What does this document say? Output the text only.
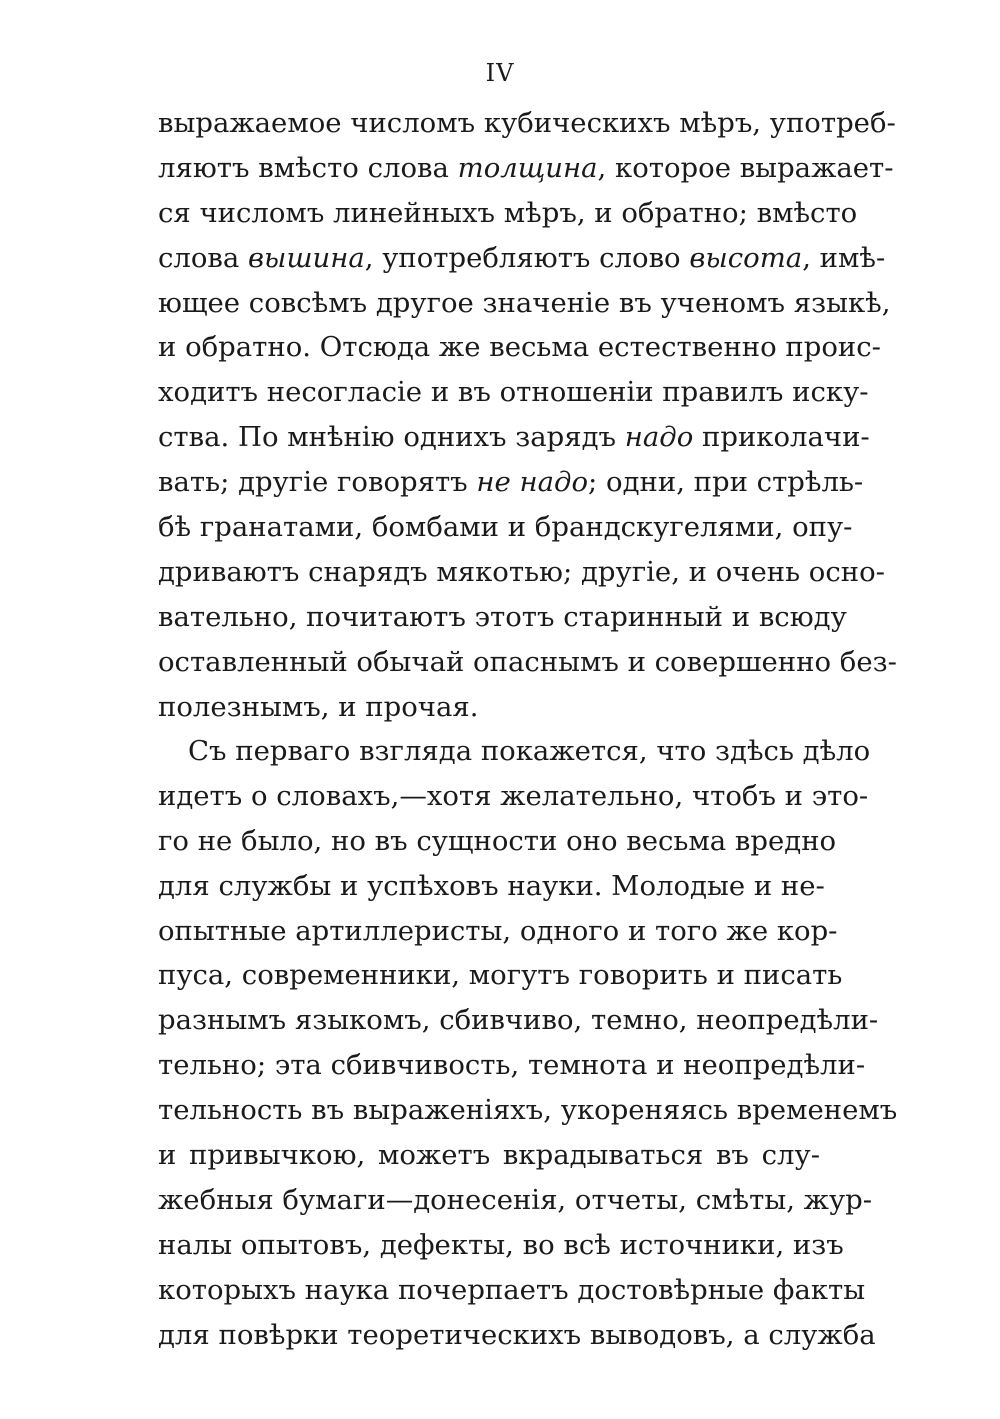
IV
выражаемое числомъ кубическихъ мѣръ, употреб-
ляютъ вмѣсто слова толщина, которое выражает-
ся числомъ линейныхъ мѣръ, и обратно; вмѣсто
слова вышина, употребляютъ слово высота, имѣ-
ющее совсѣмъ другое значеніе въ ученомъ языкѣ,
и обратно. Отсюда же весьма естественно проис-
ходитъ несогласіе и въ отношеніи правилъ иску-
ства. По мнѣнію однихъ зарядъ надо приколачи-
вать; другіе говорятъ не надо; одни, при стрѣль-
бѣ гранатами, бомбами и брандскугелями, опу-
дриваютъ снарядъ мякотью; другіе, и очень осно-
вательно, почитаютъ этотъ старинный и всюду
оставленный обычай опаснымъ и совершенно без-
полезнымъ, и прочая.
Съ перваго взгляда покажется, что здѣсь дѣло
идетъ о словахъ,—хотя желательно, чтобъ и это-
го не было, но въ сущности оно весьма вредно
для службы и успѣховъ науки. Молодые и не-
опытные артиллеристы, одного и того же кор-
пуса, современники, могутъ говорить и писать
разнымъ языкомъ, сбивчиво, темно, неопредѣли-
тельно; эта сбивчивость, темнота и неопредѣли-
тельность въ выраженіяхъ, укореняясь временемъ
и привычкою, можетъ вкрадываться въ слу-
жебныя бумаги—донесенія, отчеты, смѣты, жур-
налы опытовъ, дефекты, во всѣ источники, изъ
которыхъ наука почерпаетъ достовѣрные факты
для повѣрки теоретическихъ выводовъ, а служба
